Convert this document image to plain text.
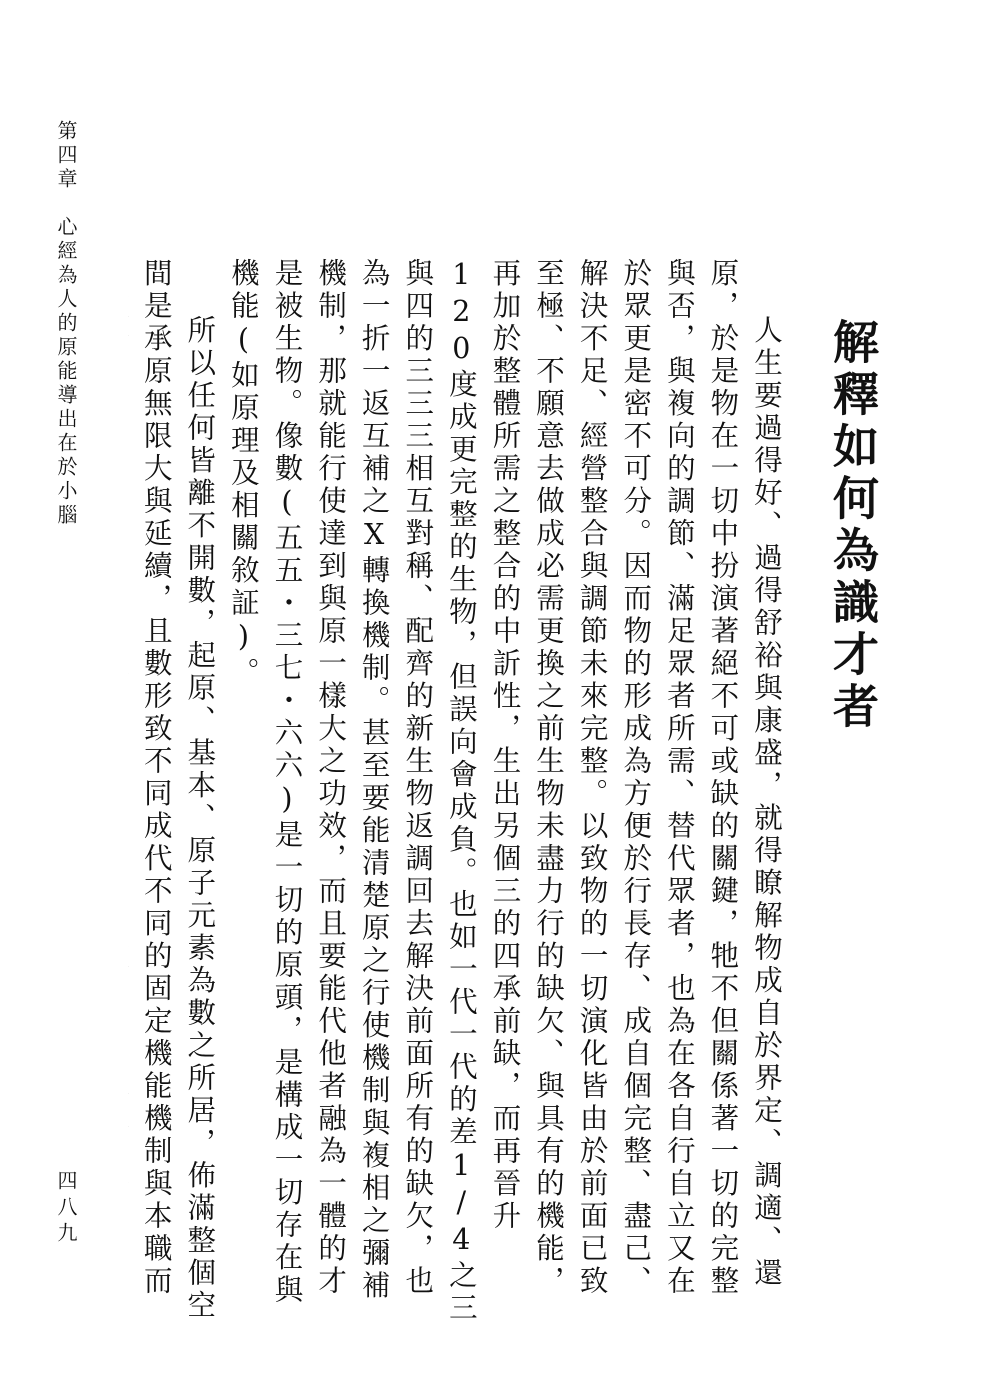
解釋如何為識才者

人生要過得好、過得舒裕與康盛，就得瞭解物成自於界定、調適、還原，於是物在一切中扮演著絕不可或缺的關鍵，牠不但關係著一切的完整與否，與複向的調節、滿足眾者所需、替代眾者，也為在各自行自立又在於眾更是密不可分。因而物的形成為方便於行長存、成自個完整、盡己、解決不足、經營整合與調節未來完整。以致物的一切演化皆由於前面已致至極、不願意去做成必需更換之前生物未盡力行的缺欠、與具有的機能，再加於整體所需之整合的中訢性，生出另個三的四承前缺，而再晉升120度成更完整的生物，但誤向會成負。也如一代一代的差1/4之三與四的三三三相互對稱、配齊的新生物返調回去解決前面所有的缺欠，也為一折一返互補之X轉換機制。甚至要能清楚原之行使機制與複相之彌補機制，那就能行使達到與原一樣大之功效，而且要能代他者融為一體的才是被生物。像數(五五・三七・六六)是一切的原頭，是構成一切存在與機能(如原理及相關敘証)。

所以任何皆離不開數，起原、基本、原子元素為數之所居，佈滿整個空間是承原無限大與延續，且數形致不同成代不同的固定機能機制與本職而

第四章　心經為人的原能導出在於小腦
四八九
